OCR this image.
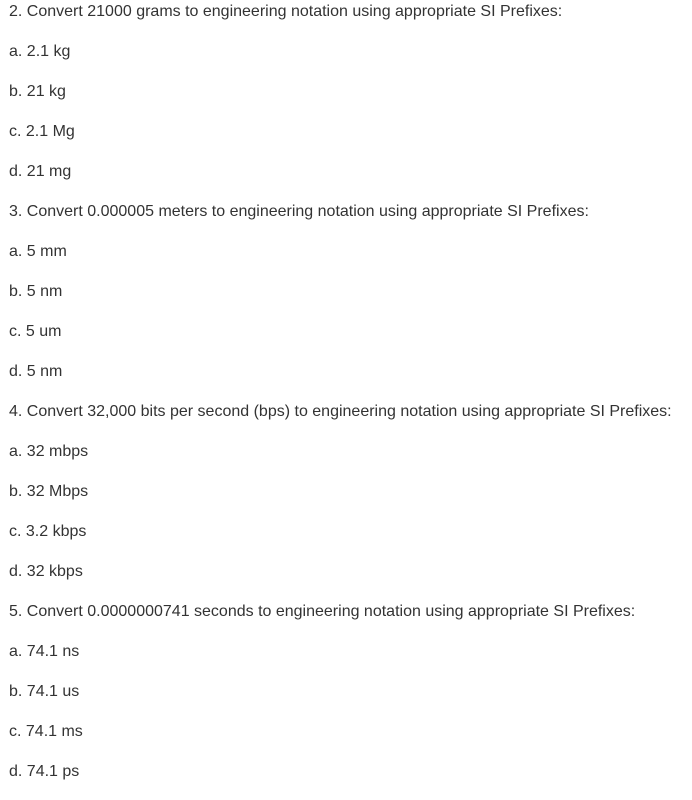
2. Convert 21000 grams to engineering notation using appropriate SI Prefixes:
a. 2.1 kg
b. 21 kg
c. 2.1 Mg
d. 21 mg
3. Convert 0.000005 meters to engineering notation using appropriate SI Prefixes:
a. 5 mm
b. 5 nm
c. 5 um
d. 5 nm
4. Convert 32,000 bits per second (bps) to engineering notation using appropriate SI Prefixes:
a. 32 mbps
b. 32 Mbps
c. 3.2 kbps
d. 32 kbps
5. Convert 0.0000000741 seconds to engineering notation using appropriate SI Prefixes:
a. 74.1 ns
b. 74.1 us
c. 74.1 ms
d. 74.1 ps
